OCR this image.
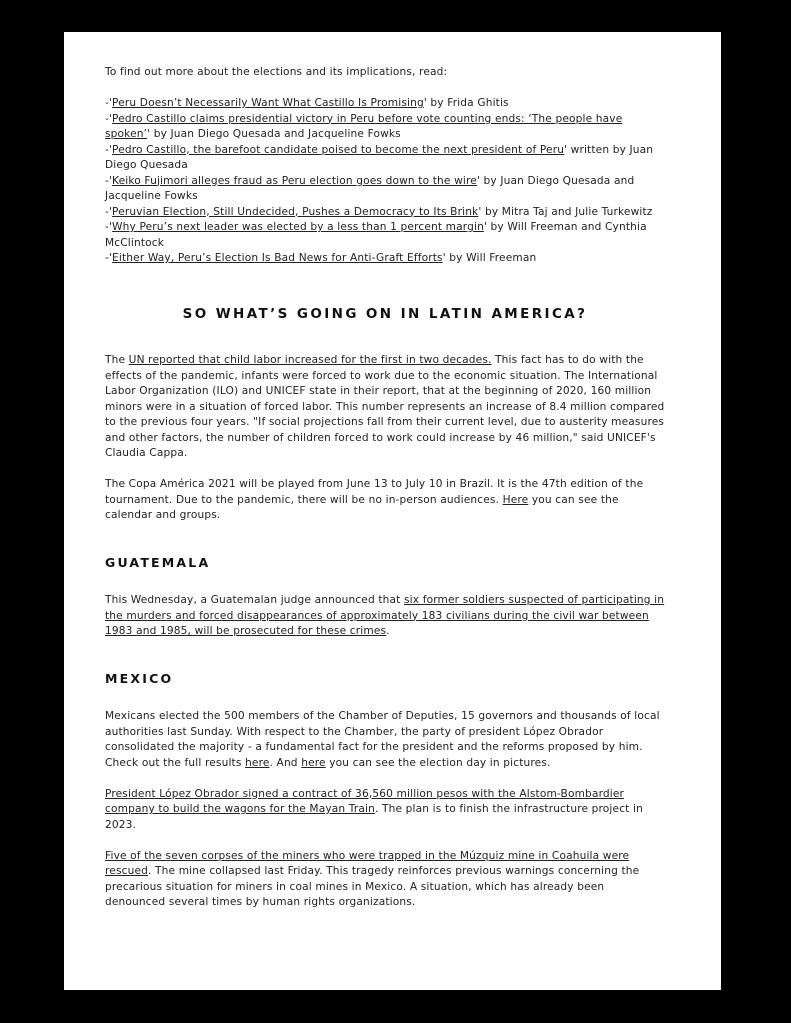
To find out more about the elections and its implications, read:

-'Peru Doesn’t Necessarily Want What Castillo Is Promising' by Frida Ghitis

-'Pedro Castillo claims presidential victory in Peru before vote counting ends: ‘The people have spoken’' by Juan Diego Quesada and Jacqueline Fowks

-'Pedro Castillo, the barefoot candidate poised to become the next president of Peru' written by Juan Diego Quesada

-'Keiko Fujimori alleges fraud as Peru election goes down to the wire' by Juan Diego Quesada and Jacqueline Fowks

-'Peruvian Election, Still Undecided, Pushes a Democracy to Its Brink' by Mitra Taj and Julie Turkewitz

-'Why Peru’s next leader was elected by a less than 1 percent margin' by Will Freeman and Cynthia McClintock

-'Either Way, Peru’s Election Is Bad News for Anti-Graft Efforts' by Will Freeman

SO WHAT’S GOING ON IN LATIN AMERICA?

The UN reported that child labor increased for the first in two decades. This fact has to do with the effects of the pandemic, infants were forced to work due to the economic situation. The International Labor Organization (ILO) and UNICEF state in their report, that at the beginning of 2020, 160 million minors were in a situation of forced labor. This number represents an increase of 8.4 million compared to the previous four years. "If social projections fall from their current level, due to austerity measures and other factors, the number of children forced to work could increase by 46 million," said UNICEF's Claudia Cappa.

The Copa América 2021 will be played from June 13 to July 10 in Brazil. It is the 47th edition of the tournament. Due to the pandemic, there will be no in-person audiences. Here you can see the calendar and groups.

GUATEMALA

This Wednesday, a Guatemalan judge announced that six former soldiers suspected of participating in the murders and forced disappearances of approximately 183 civilians during the civil war between 1983 and 1985, will be prosecuted for these crimes.

MEXICO

Mexicans elected the 500 members of the Chamber of Deputies, 15 governors and thousands of local authorities last Sunday. With respect to the Chamber, the party of president López Obrador consolidated the majority - a fundamental fact for the president and the reforms proposed by him. Check out the full results here. And here you can see the election day in pictures.

President López Obrador signed a contract of 36,560 million pesos with the Alstom-Bombardier company to build the wagons for the Mayan Train. The plan is to finish the infrastructure project in 2023.

Five of the seven corpses of the miners who were trapped in the Múzquiz mine in Coahuila were rescued. The mine collapsed last Friday. This tragedy reinforces previous warnings concerning the precarious situation for miners in coal mines in Mexico. A situation, which has already been denounced several times by human rights organizations.
